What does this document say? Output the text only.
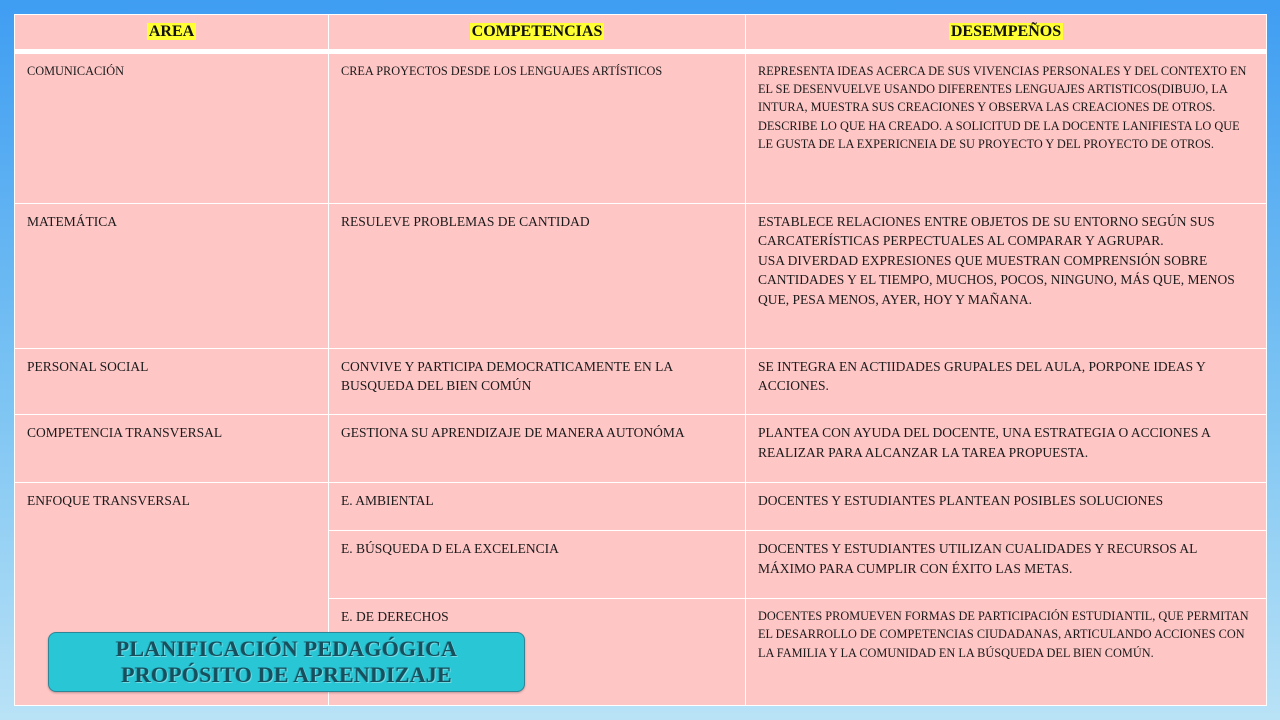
AREA	COMPETENCIAS	DESEMPEÑOS
COMUNICACIÓN	CREA PROYECTOS DESDE LOS LENGUAJES ARTÍSTICOS	REPRESENTA IDEAS ACERCA DE SUS VIVENCIAS PERSONALES Y DEL CONTEXTO EN EL SE DESENVUELVE USANDO DIFERENTES LENGUAJES ARTISTICOS(DIBUJO, LA INTURA, MUESTRA SUS CREACIONES Y OBSERVA LAS CREACIONES DE OTROS. DESCRIBE LO QUE HA CREADO. A SOLICITUD DE LA DOCENTE LANIFIESTA LO QUE LE GUSTA DE LA EXPERICNEIA DE SU PROYECTO Y DEL PROYECTO DE OTROS.
MATEMÁTICA	RESULEVE PROBLEMAS DE CANTIDAD	ESTABLECE RELACIONES ENTRE OBJETOS DE SU ENTORNO SEGÚN SUS CARCATERÍSTICAS PERPECTUALES AL COMPARAR Y AGRUPAR.
USA DIVERDAD EXPRESIONES QUE MUESTRAN COMPRENSIÓN SOBRE CANTIDADES Y EL TIEMPO, MUCHOS, POCOS, NINGUNO, MÁS QUE, MENOS QUE, PESA MENOS, AYER, HOY Y MAÑANA.

PERSONAL SOCIAL	CONVIVE Y PARTICIPA DEMOCRATICAMENTE EN LA BUSQUEDA DEL BIEN COMÚN	SE INTEGRA EN ACTIIDADES GRUPALES DEL AULA, PORPONE IDEAS Y ACCIONES.
COMPETENCIA TRANSVERSAL	GESTIONA SU APRENDIZAJE DE MANERA AUTONÓMA	PLANTEA CON AYUDA DEL DOCENTE, UNA ESTRATEGIA O ACCIONES A REALIZAR PARA ALCANZAR LA TAREA PROPUESTA.
ENFOQUE TRANSVERSAL	E. AMBIENTAL	DOCENTES Y ESTUDIANTES PLANTEAN POSIBLES SOLUCIONES
	E. BÚSQUEDA D ELA EXCELENCIA	DOCENTES Y ESTUDIANTES UTILIZAN CUALIDADES Y RECURSOS AL MÁXIMO PARA CUMPLIR CON ÉXITO LAS METAS.
	E. DE DERECHOS	DOCENTES PROMUEVEN FORMAS DE PARTICIPACIÓN ESTUDIANTIL, QUE PERMITAN EL DESARROLLO DE COMPETENCIAS CIUDADANAS, ARTICULANDO ACCIONES CON LA FAMILIA Y LA COMUNIDAD EN LA BÚSQUEDA DEL BIEN COMÚN.
PLANIFICACIÓN PEDAGÓGICA
PROPÓSITO DE APRENDIZAJE
